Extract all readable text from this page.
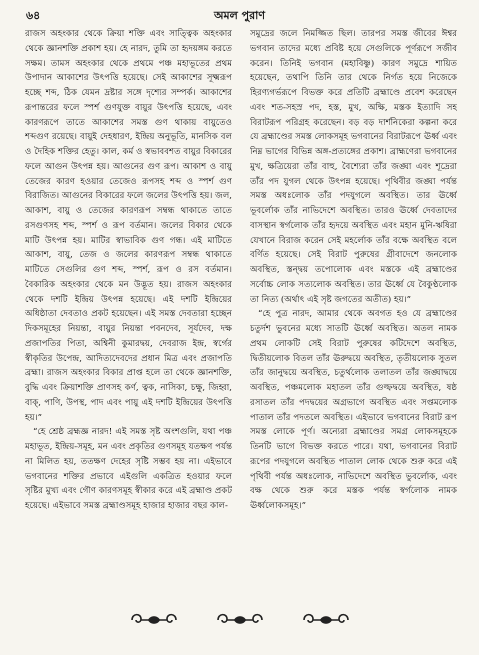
৬৪	অমল পুরাণ

রাজস অহংকার থেকে ক্রিয়া শক্তি এবং সাত্ত্বিক অহংকার থেকে জ্ঞানশক্তি প্রকাশ হয়। হে নারদ, তুমি তা হৃদয়ঙ্গম করতে সক্ষম। তামস অহংকার থেকে প্রথমে পঞ্চ মহাভূতের প্রথম উপাদান আকাশের উৎপত্তি হয়েছে। সেই আকাশের সূক্ষ্মরূপ হচ্ছে শব্দ, ঠিক যেমন দ্রষ্টার সঙ্গে দৃশ্যের সম্পর্ক। আকাশের রূপান্তরের ফলে স্পর্শ গুণযুক্ত বায়ুর উৎপত্তি হয়েছে, এবং কারণরূপে তাতে আকাশের সমস্ত গুণ থাকায় বায়ুতেও শব্দগুণ রয়েছে। বায়ুই দেহধারণ, ইন্দ্রিয় অনুভূতি, মানসিক বল ও দৈহিক শক্তির হেতু। কাল, কর্ম ও স্বভাববশত বায়ুর বিকারের ফলে আগুন উৎপন্ন হয়। আগুনের গুণ রূপ। আকাশ ও বায়ু তেজের কারণ হওয়ার তেজেও রূপসহ শব্দ ও স্পর্শ গুণ বিরাজিত। আগুনের বিকারের ফলে জলের উৎপত্তি হয়। জল, আকাশ, বায়ু ও তেজের কারণরূপ সম্বন্ধ থাকাতে তাতে রসগুণসহ শব্দ, স্পর্শ ও রূপ বর্তমান। জলের বিকার থেকে মাটি উৎপন্ন হয়। মাটির স্বাভাবিক গুণ গন্ধ। এই মাটিতে আকাশ, বায়ু, তেজ ও জলের কারণরূপ সম্বন্ধ থাকাতে মাটিতে সেগুলির গুণ শব্দ, স্পর্শ, রূপ ও রস বর্তমান। বৈকারিক অহংকার থেকে মন উদ্ভূত হয়। রাজস অহংকার থেকে দশটি ইন্দ্রিয় উৎপন্ন হয়েছে। এই দশটি ইন্দ্রিয়ের অধিষ্ঠাতা দেবতাও প্রকট হয়েছেন। এই সমস্ত দেবতারা হচ্ছেন দিকসমূহের নিয়ন্তা, বায়ুর নিয়ন্তা পবনদেব, সূর্যদেব, দক্ষ প্রজাপতির পিতা, অশ্বিনী কুমারদ্বয়, দেবরাজ ইন্দ্র, স্বর্গের স্বীকৃতির উপেন্দ্র, আদিত্যদেবদের প্রধান মিত্র এবং প্রজাপতি ব্রহ্মা। রাজস অহংকার বিকার প্রাপ্ত হলে তা থেকে জ্ঞানশক্তি, বুদ্ধি এবং ক্রিয়াশক্তি প্রাণসহ কর্ণ, ত্বক, নাসিকা, চক্ষু, জিহ্বা, বাক্, পাণি, উপস্থ, পাদ এবং পায়ু এই দশটি ইন্দ্রিয়ের উৎপত্তি হয়।”

“হে শ্রেষ্ঠ ব্রহ্মজ্ঞ নারদ! এই সমস্ত সৃষ্ট অংশগুলি, যথা পঞ্চ মহাভূত, ইন্দ্রিয়-সমূহ, মন এবং প্রকৃতির গুণসমূহ যতক্ষণ পর্যন্ত না মিলিত হয়, ততক্ষণ দেহের সৃষ্টি সম্ভব হয় না। এইভাবে ভগবানের শক্তির প্রভাবে এইগুলি একত্রিত হওয়ার ফলে সৃষ্টির মুখ্য এবং গৌণ কারণসমূহ স্বীকার করে এই ব্রহ্মাণ্ড প্রকট হয়েছে। এইভাবে সমস্ত ব্রহ্মাণ্ডসমূহ হাজার হাজার বছর কাল-

সমুদ্রের জলে নিমজ্জিত ছিল। তারপর সমস্ত জীবের ঈশ্বর ভগবান তাদের মধ্যে প্রবিষ্ট হয়ে সেগুলিকে পূর্ণরূপে সজীব করেন। তিনিই ভগবান (মহাবিষ্ণু) কারণ সমুদ্রে শায়িত হয়েছেন, তথাপি তিনি তার থেকে নির্গত হয়ে নিজেকে হিরণ্যগর্ভরূপে বিভক্ত করে প্রতিটি ব্রহ্মাণ্ডে প্রবেশ করেছেন এবং শত-সহস্র পদ, হস্ত, মুখ, অক্ষি, মস্তক ইত্যাদি সহ বিরাটরূপ পরিগ্রহ করেছেন। বড় বড় দার্শনিকেরা কল্পনা করে যে ব্রহ্মাণ্ডের সমস্ত লোকসমূহ ভগবানের বিরাটরূপে ঊর্ধ্ব এবং নিম্ন ভাগের বিভিন্ন অঙ্গ-প্রত্যঙ্গের প্রকাশ। ব্রাহ্মণেরা ভগবানের মুখ, ক্ষত্রিয়েরা তাঁর বাহু, বৈশ্যেরা তাঁর জঙ্ঘা এবং শূদ্রেরা তাঁর পদ যুগল থেকে উৎপন্ন হয়েছে। পৃথিবীর জঙ্ঘা পর্যন্ত সমস্ত অধঃলোক তাঁর পদযুগলে অবস্থিত। তার ঊর্ধ্বে ভূবর্লোক তাঁর নাভিদেশে অবস্থিত। তারও ঊর্ধ্বে দেবতাদের বাসস্থান স্বর্গলোক তাঁর হৃদয়ে অবস্থিত এবং মহান মুনি-ঋষিরা যেখানে বিরাজ করেন সেই মহর্লোক তাঁর বক্ষে অবস্থিত বলে বর্ণিত হয়েছে। সেই বিরাট পুরুষের গ্রীবাদেশে জনলোক অবস্থিত, স্তন্দ্বয় তপোলোক এবং মস্তকে এই ব্রহ্মাণ্ডের সর্বোচ্চ লোক সত্যলোক অবস্থিত। তার ঊর্ধ্বে যে বৈকুণ্ঠলোক তা নিত্য (অর্থাৎ এই সৃষ্ট জগতের অতীত) হয়।”

“হে পুত্র নারদ, আমার থেকে অবগত হও যে ব্রহ্মাণ্ডের চতুর্দশ ভুবনের মধ্যে সাতটি ঊর্ধ্বে অবস্থিত। অতল নামক প্রথম লোকটি সেই বিরাট পুরুষের কটিদেশে অবস্থিত, দ্বিতীয়লোক বিতল তাঁর ঊরুদ্বয়ে অবস্থিত, তৃতীয়লোক সুতল তাঁর জানুদ্বয়ে অবস্থিত, চতুর্থলোক তলাতল তাঁর জঙ্ঘাদ্বয়ে অবস্থিত, পঞ্চমলোক মহাতল তাঁর গুল্ফদ্বয়ে অবস্থিত, ষষ্ঠ রসাতল তাঁর পদদ্বয়ের অগ্রভাগে অবস্থিত এবং সপ্তমলোক পাতাল তাঁর পদতলে অবস্থিত। এইভাবে ভগবানের বিরাট রূপ সমস্ত লোকে পূর্ণ। অন্যেরা ব্রহ্মাণ্ডের সমগ্র লোকসমূহকে তিনটি ভাগে বিভক্ত করতে পারে। যথা, ভগবানের বিরাট রূপের পদযুগলে অবস্থিত পাতাল লোক থেকে শুরু করে এই পৃথিবী পর্যন্ত অধঃলোক, নাভিদেশে অবস্থিত ভুবর্লোক, এবং বক্ষ থেকে শুরু করে মস্তক পর্যন্ত স্বর্গলোক নামক ঊর্ধ্বলোকসমূহ।”
